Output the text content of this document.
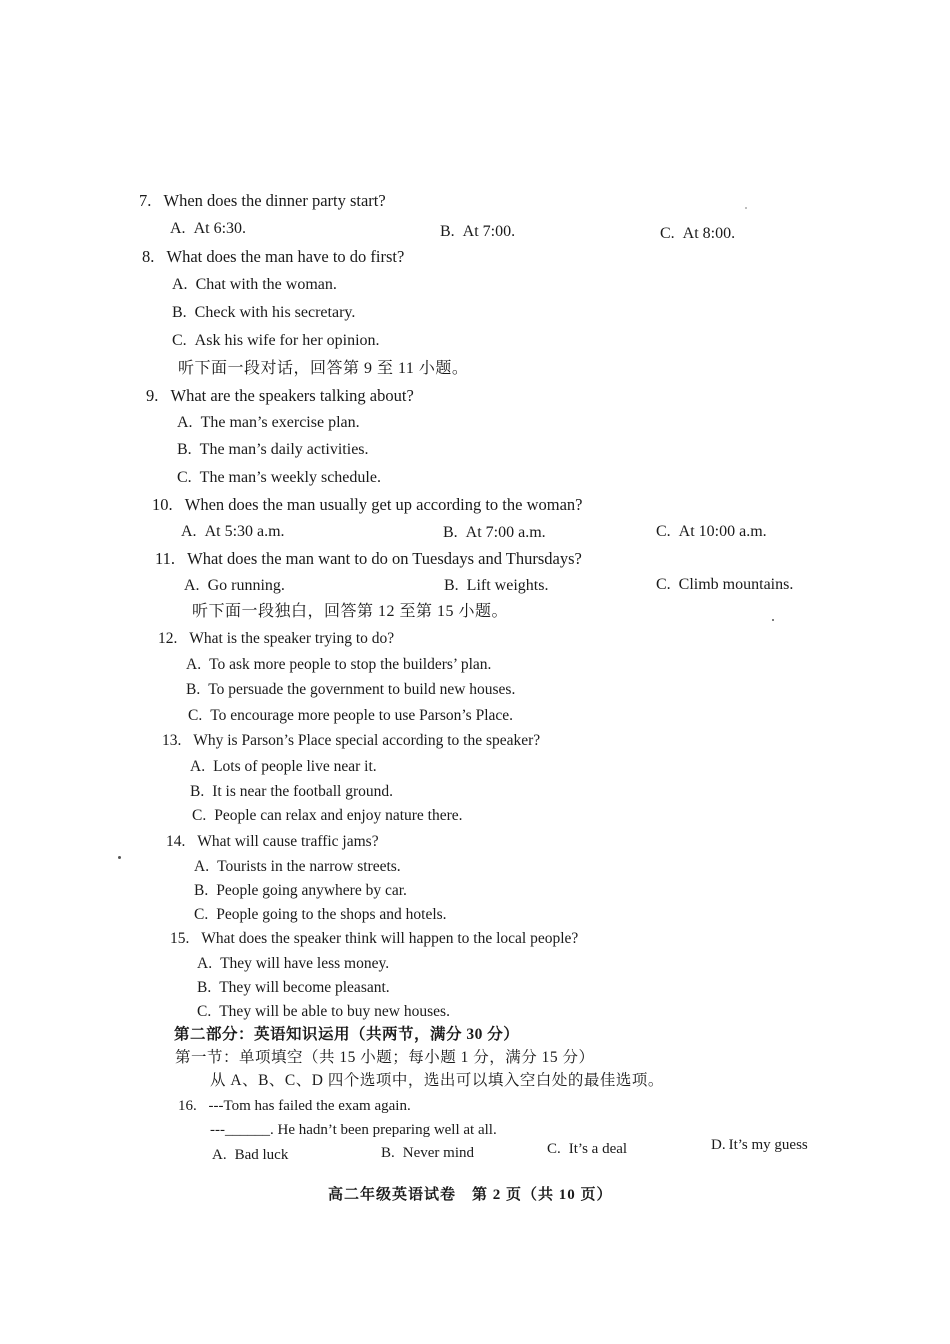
7. When does the dinner party start?
A. At 6:30.	B. At 7:00.	C. At 8:00.
8. What does the man have to do first?
A. Chat with the woman.
B. Check with his secretary.
C. Ask his wife for her opinion.
听下面一段对话，回答第 9 至 11 小题。
9. What are the speakers talking about?
A. The man’s exercise plan.
B. The man’s daily activities.
C. The man’s weekly schedule.
10. When does the man usually get up according to the woman?
A. At 5:30 a.m.	B. At 7:00 a.m.	C. At 10:00 a.m.
11. What does the man want to do on Tuesdays and Thursdays?
A. Go running.	B. Lift weights.	C. Climb mountains.
听下面一段独白，回答第 12 至第 15 小题。
12. What is the speaker trying to do?
A. To ask more people to stop the builders’ plan.
B. To persuade the government to build new houses.
C. To encourage more people to use Parson’s Place.
13. Why is Parson’s Place special according to the speaker?
A. Lots of people live near it.
B. It is near the football ground.
C. People can relax and enjoy nature there.
14. What will cause traffic jams?
A. Tourists in the narrow streets.
B. People going anywhere by car.
C. People going to the shops and hotels.
15. What does the speaker think will happen to the local people?
A. They will have less money.
B. They will become pleasant.
C. They will be able to buy new houses.
第二部分：英语知识运用（共两节，满分 30 分）
第一节：单项填空（共 15 小题；每小题 1 分，满分 15 分）
从 A、B、C、D 四个选项中，选出可以填入空白处的最佳选项。
16. ---Tom has failed the exam again.
---______. He hadn’t been preparing well at all.
A. Bad luck	B. Never mind	C. It’s a deal	D. It’s my guess
高二年级英语试卷　第 2 页（共 10 页）
